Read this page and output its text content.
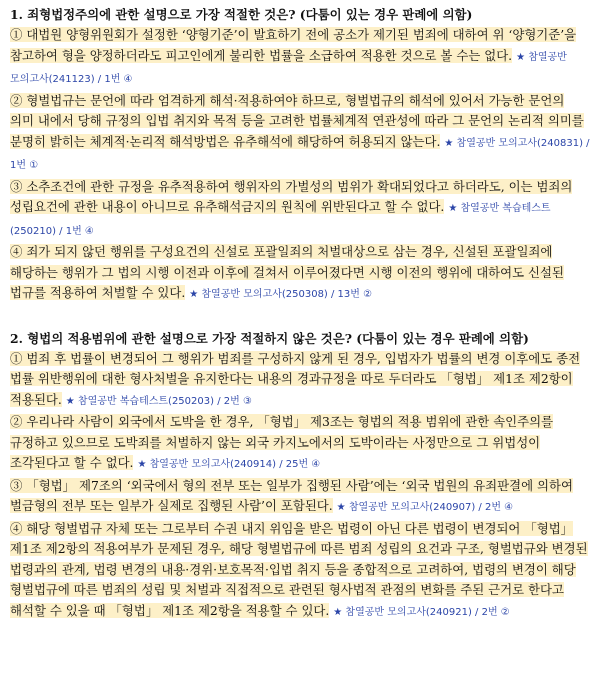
1. 죄형법정주의에 관한 설명으로 가장 적절한 것은? (다툼이 있는 경우 판례에 의함)

① 대법원 양형위원회가 설정한 ‘양형기준’이 발효하기 전에 공소가 제기된 범죄에 대하여 위 ‘양형기준’을 참고하여 형을 양정하더라도 피고인에게 불리한 법률을 소급하여 적용한 것으로 볼 수는 없다. ★ 참열공반 모의고사(241123) / 1번 ④

② 형벌법규는 문언에 따라 엄격하게 해석·적용하여야 하므로, 형벌법규의 해석에 있어서 가능한 문언의 의미 내에서 당해 규정의 입법 취지와 목적 등을 고려한 법률체계적 연관성에 따라 그 문언의 논리적 의미를 분명히 밝히는 체계적·논리적 해석방법은 유추해석에 해당하여 허용되지 않는다. ★ 참열공반 모의고사(240831) / 1번 ①

③ 소추조건에 관한 규정을 유추적용하여 행위자의 가벌성의 범위가 확대되었다고 하더라도, 이는 범죄의 성립요건에 관한 내용이 아니므로 유추해석금지의 원칙에 위반된다고 할 수 없다. ★ 참열공반 복습테스트(250210) / 1번 ④

④ 죄가 되지 않던 행위를 구성요건의 신설로 포괄일죄의 처벌대상으로 삼는 경우, 신설된 포괄일죄에 해당하는 행위가 그 법의 시행 이전과 이후에 걸쳐서 이루어졌다면 시행 이전의 행위에 대하여도 신설된 법규를 적용하여 처벌할 수 있다. ★ 참열공반 모의고사(250308) / 13번 ②

2. 형법의 적용범위에 관한 설명으로 가장 적절하지 않은 것은? (다툼이 있는 경우 판례에 의함)

① 범죄 후 법률이 변경되어 그 행위가 범죄를 구성하지 않게 된 경우, 입법자가 법률의 변경 이후에도 종전 법률 위반행위에 대한 형사처벌을 유지한다는 내용의 경과규정을 따로 두더라도 「형법」 제1조 제2항이 적용된다. ★ 참열공반 복습테스트(250203) / 2번 ③

② 우리나라 사람이 외국에서 도박을 한 경우, 「형법」 제3조는 형법의 적용 범위에 관한 속인주의를 규정하고 있으므로 도박죄를 처벌하지 않는 외국 카지노에서의 도박이라는 사정만으로 그 위법성이 조각된다고 할 수 없다. ★ 참열공반 모의고사(240914) / 25번 ④

③ 「형법」 제7조의 ‘외국에서 형의 전부 또는 일부가 집행된 사람’에는 ‘외국 법원의 유죄판결에 의하여 벌금형의 전부 또는 일부가 실제로 집행된 사람’이 포함된다. ★ 참열공반 모의고사(240907) / 2번 ④

④ 해당 형벌법규 자체 또는 그로부터 수권 내지 위임을 받은 법령이 아닌 다른 법령이 변경되어 「형법」 제1조 제2항의 적용여부가 문제된 경우, 해당 형벌법규에 따른 범죄 성립의 요건과 구조, 형벌법규와 변경된 법령과의 관계, 법령 변경의 내용·경위·보호목적·입법 취지 등을 종합적으로 고려하여, 법령의 변경이 해당 형벌법규에 따른 범죄의 성립 및 처벌과 직접적으로 관련된 형사법적 관점의 변화를 주된 근거로 한다고 해석할 수 있을 때 「형법」 제1조 제2항을 적용할 수 있다. ★ 참열공반 모의고사(240921) / 2번 ②
